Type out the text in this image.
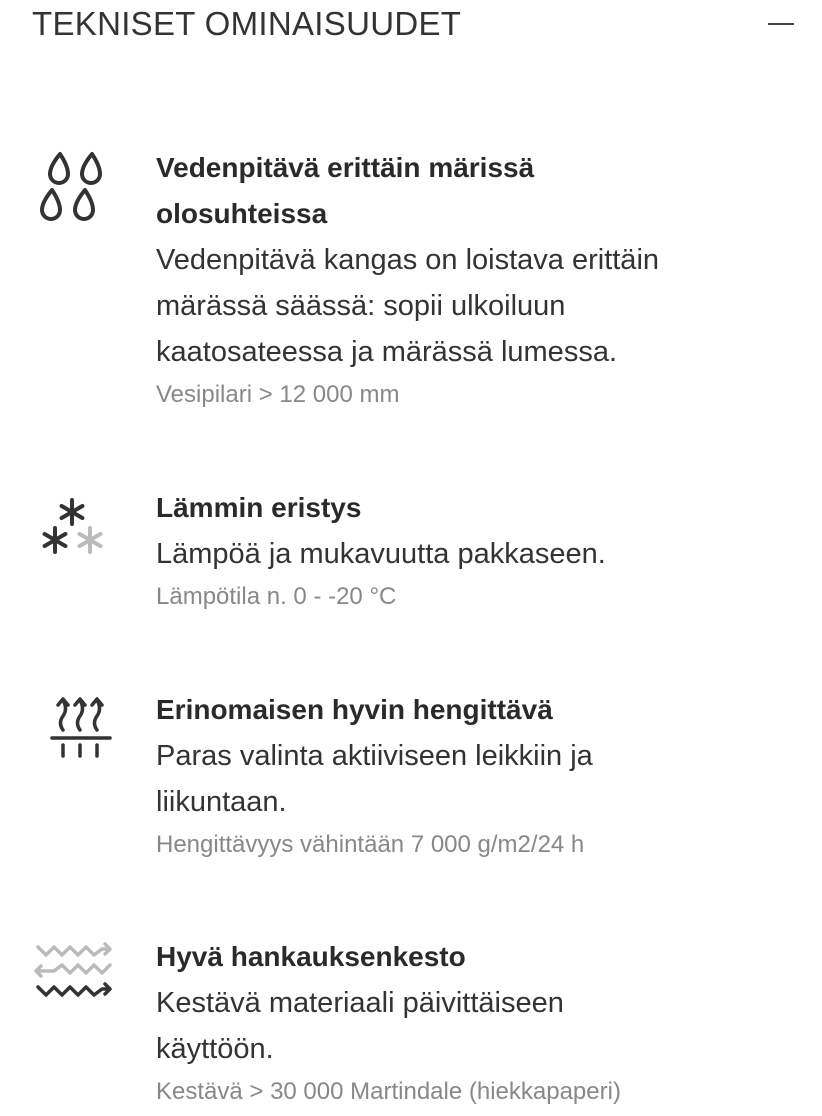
TEKNISET OMINAISUUDET
Vedenpitävä erittäin märissä
olosuhteissa
Vedenpitävä kangas on loistava erittäin
märässä säässä: sopii ulkoiluun
kaatosateessa ja märässä lumessa.
Vesipilari > 12 000 mm
Lämmin eristys
Lämpöä ja mukavuutta pakkaseen.
Lämpötila n. 0 - -20 °C
Erinomaisen hyvin hengittävä
Paras valinta aktiiviseen leikkiin ja
liikuntaan.
Hengittävyys vähintään 7 000 g/m2/24 h
Hyvä hankauksenkesto
Kestävä materiaali päivittäiseen
käyttöön.
Kestävä > 30 000 Martindale (hiekkapaperi)
